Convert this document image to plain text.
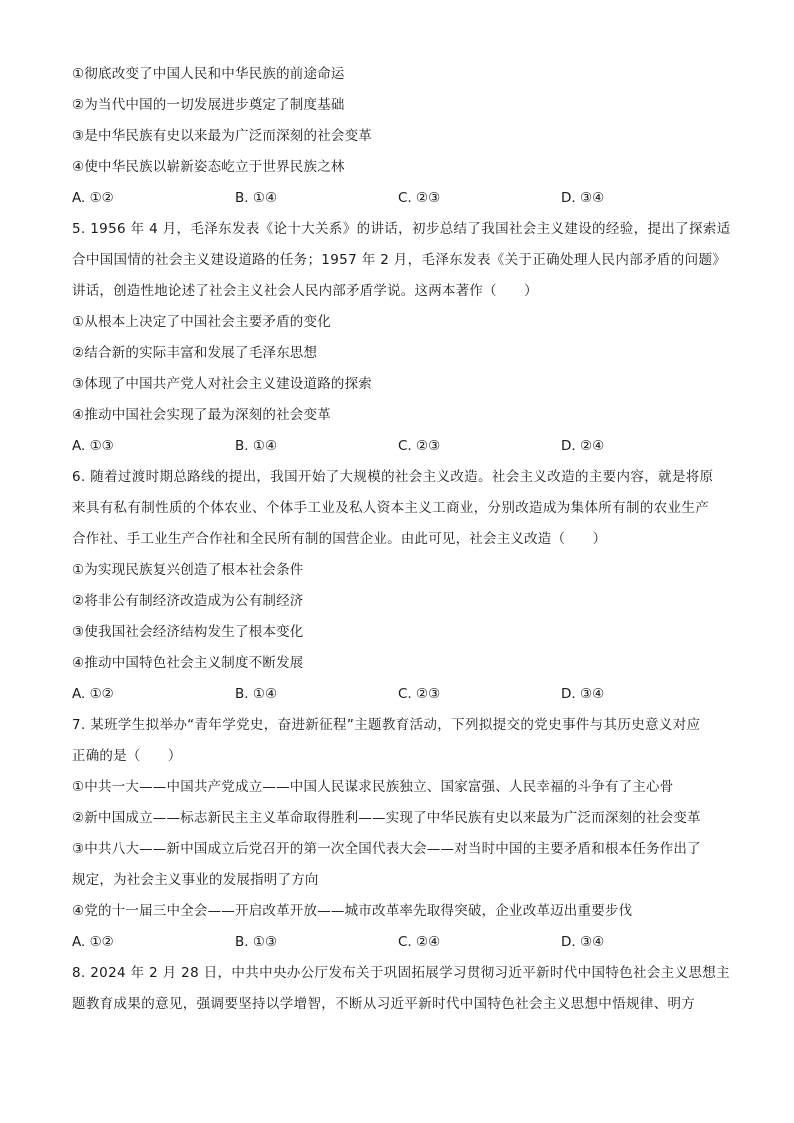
①彻底改变了中国人民和中华民族的前途命运
②为当代中国的一切发展进步奠定了制度基础
③是中华民族有史以来最为广泛而深刻的社会变革
④使中华民族以崭新姿态屹立于世界民族之林
A. ①②	B. ①④	C. ②③	D. ③④
5. 1956 年 4 月，毛泽东发表《论十大关系》的讲话，初步总结了我国社会主义建设的经验，提出了探索适
合中国国情的社会主义建设道路的任务；1957 年 2 月，毛泽东发表《关于正确处理人民内部矛盾的问题》
讲话，创造性地论述了社会主义社会人民内部矛盾学说。这两本著作（　　）
①从根本上决定了中国社会主要矛盾的变化
②结合新的实际丰富和发展了毛泽东思想
③体现了中国共产党人对社会主义建设道路的探索
④推动中国社会实现了最为深刻的社会变革
A. ①③	B. ①④	C. ②③	D. ②④
6. 随着过渡时期总路线的提出，我国开始了大规模的社会主义改造。社会主义改造的主要内容，就是将原
来具有私有制性质的个体农业、个体手工业及私人资本主义工商业，分别改造成为集体所有制的农业生产
合作社、手工业生产合作社和全民所有制的国营企业。由此可见，社会主义改造（　　）
①为实现民族复兴创造了根本社会条件
②将非公有制经济改造成为公有制经济
③使我国社会经济结构发生了根本变化
④推动中国特色社会主义制度不断发展
A. ①②	B. ①④	C. ②③	D. ③④
7. 某班学生拟举办“青年学党史，奋进新征程”主题教育活动，下列拟提交的党史事件与其历史意义对应
正确的是（　　）
①中共一大——中国共产党成立——中国人民谋求民族独立、国家富强、人民幸福的斗争有了主心骨
②新中国成立——标志新民主主义革命取得胜利——实现了中华民族有史以来最为广泛而深刻的社会变革
③中共八大——新中国成立后党召开的第一次全国代表大会——对当时中国的主要矛盾和根本任务作出了
规定，为社会主义事业的发展指明了方向
④党的十一届三中全会——开启改革开放——城市改革率先取得突破，企业改革迈出重要步伐
A. ①②	B. ①③	C. ②④	D. ③④
8. 2024 年 2 月 28 日，中共中央办公厅发布关于巩固拓展学习贯彻习近平新时代中国特色社会主义思想主
题教育成果的意见，强调要坚持以学增智，不断从习近平新时代中国特色社会主义思想中悟规律、明方
